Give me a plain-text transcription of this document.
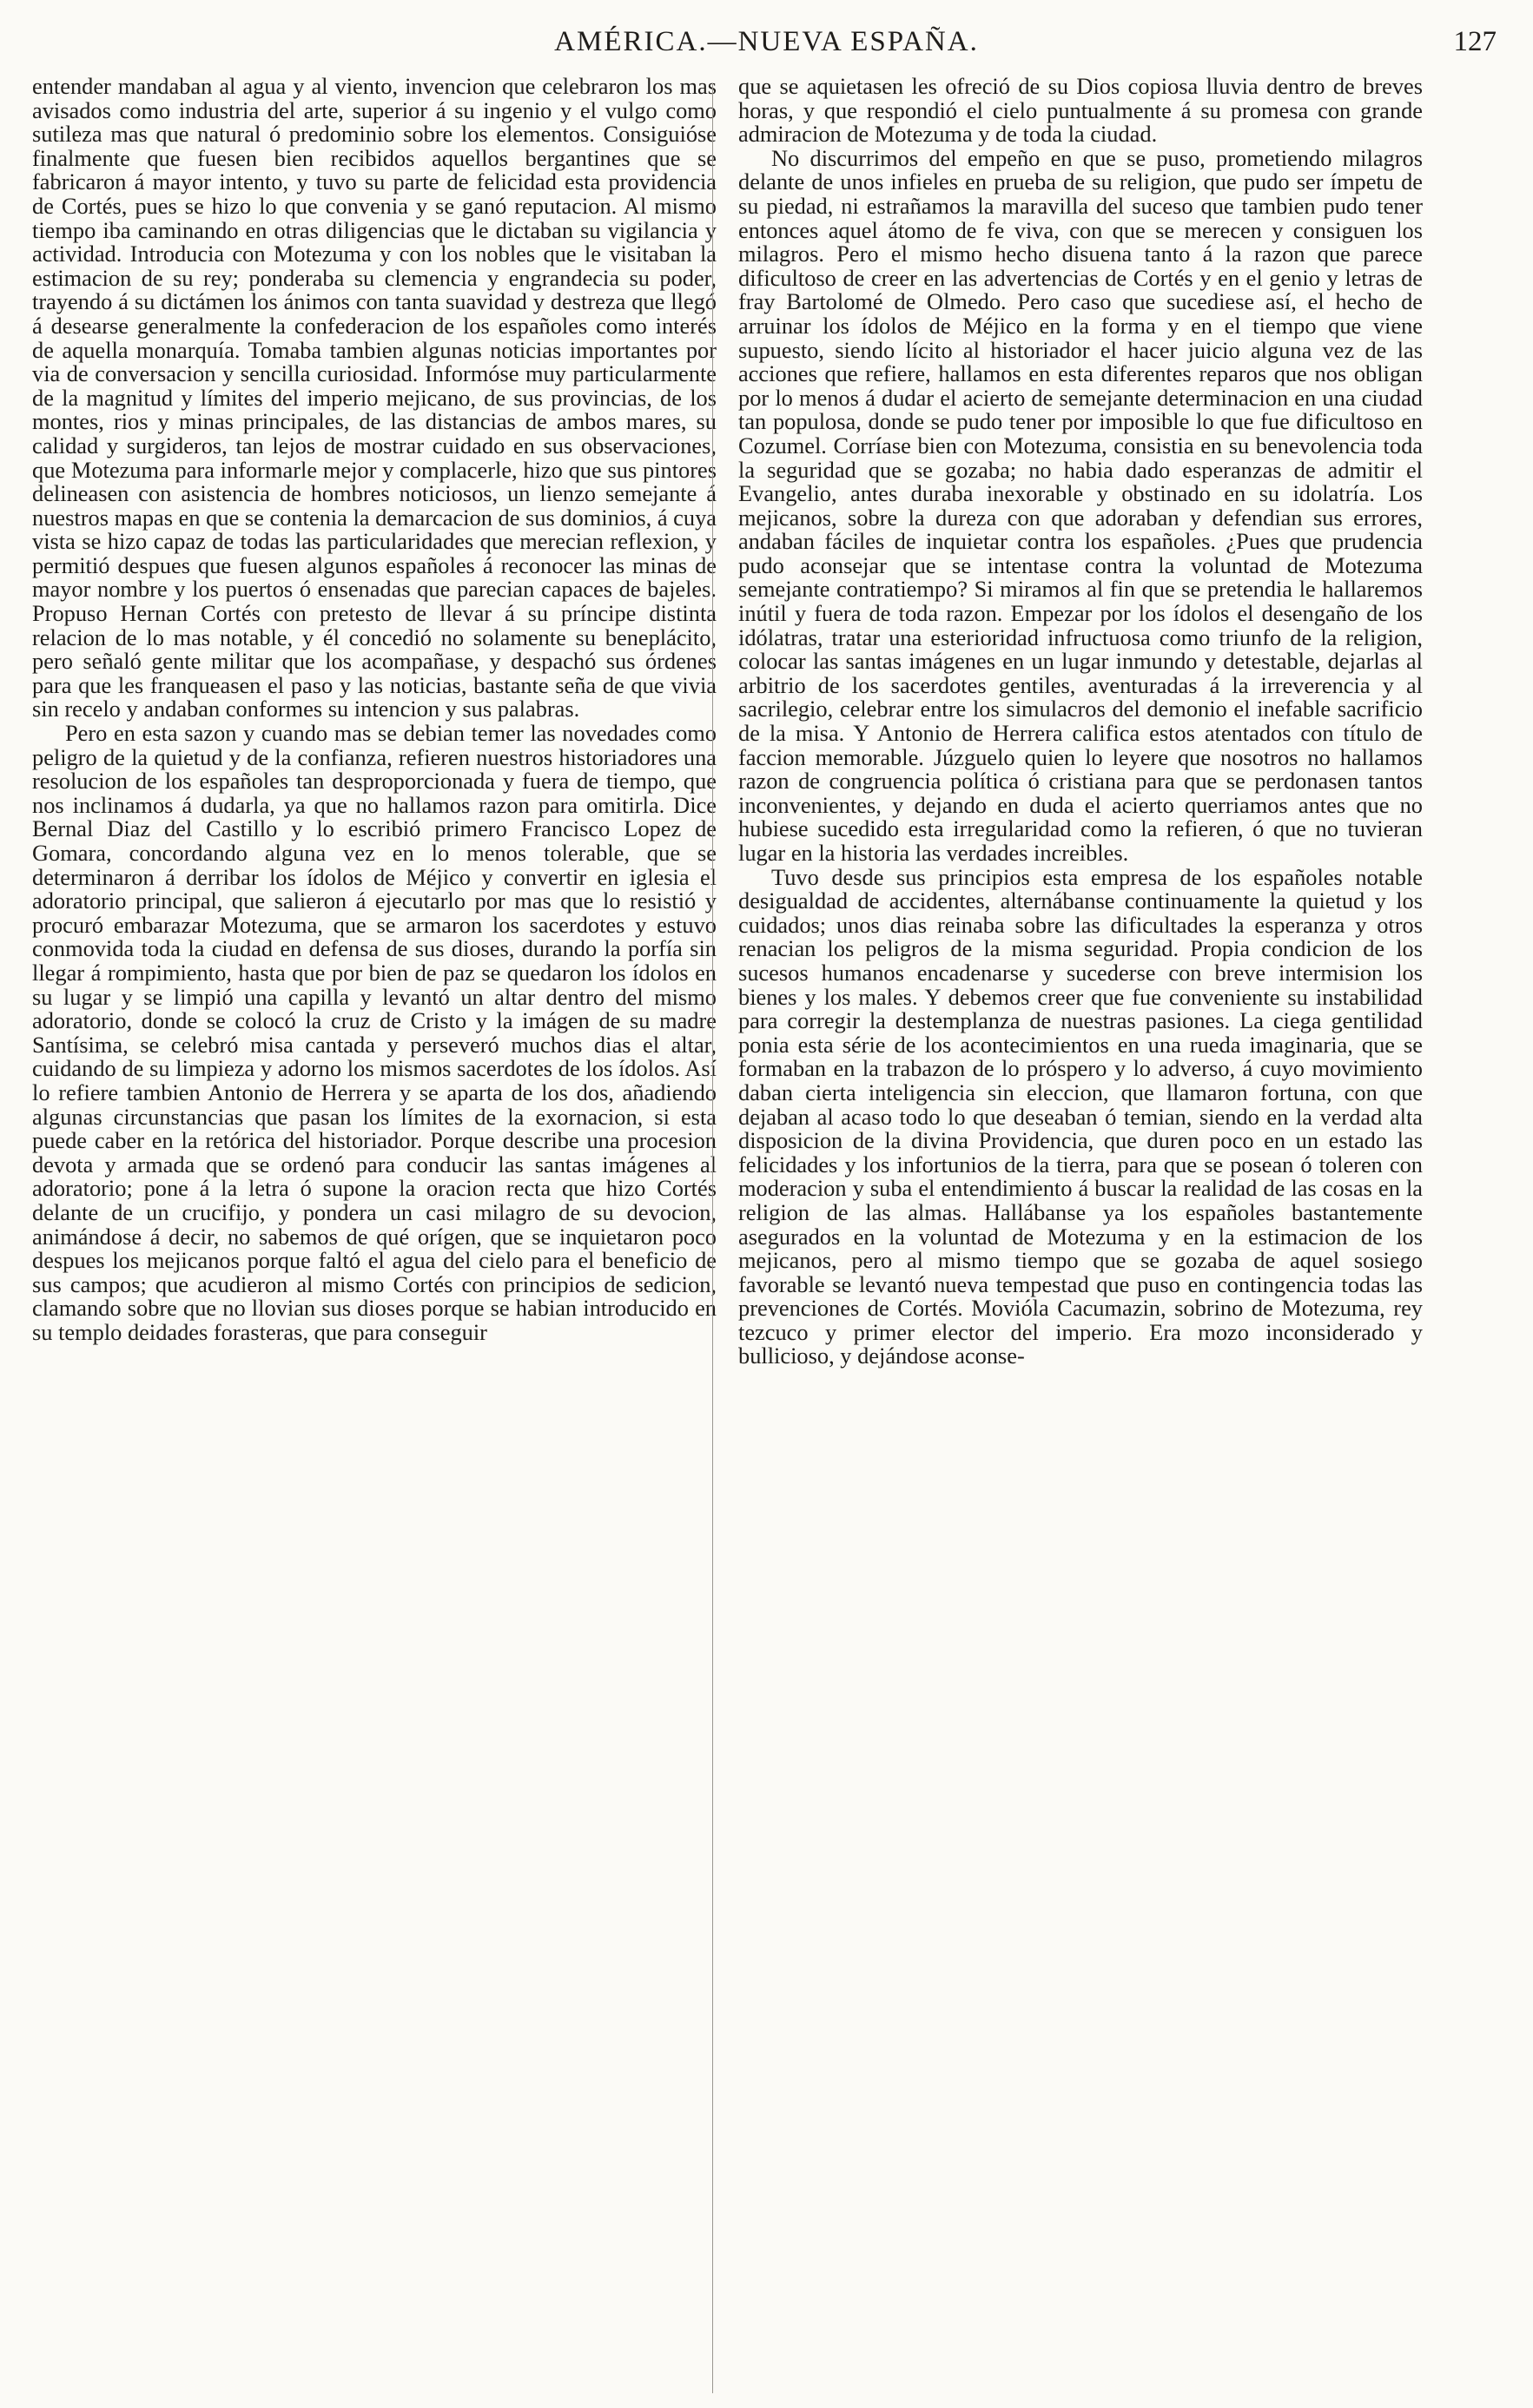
AMÉRICA.—NUEVA ESPAÑA.	127

entender mandaban al agua y al viento, invencion que celebraron los mas avisados como industria del arte, superior á su ingenio y el vulgo como sutileza mas que natural ó predominio sobre los elementos. Consiguióse finalmente que fuesen bien recibidos aquellos bergantines que se fabricaron á mayor intento, y tuvo su parte de felicidad esta providencia de Cortés, pues se hizo lo que convenia y se ganó reputacion. Al mismo tiempo iba caminando en otras diligencias que le dictaban su vigilancia y actividad. Introducia con Motezuma y con los nobles que le visitaban la estimacion de su rey; ponderaba su clemencia y engrandecia su poder, trayendo á su dictámen los ánimos con tanta suavidad y destreza que llegó á desearse generalmente la confederacion de los españoles como interés de aquella monarquía. Tomaba tambien algunas noticias importantes por via de conversacion y sencilla curiosidad. Informóse muy particularmente de la magnitud y límites del imperio mejicano, de sus provincias, de los montes, rios y minas principales, de las distancias de ambos mares, su calidad y surgideros, tan lejos de mostrar cuidado en sus observaciones, que Motezuma para informarle mejor y complacerle, hizo que sus pintores delineasen con asistencia de hombres noticiosos, un lienzo semejante á nuestros mapas en que se contenia la demarcacion de sus dominios, á cuya vista se hizo capaz de todas las particularidades que merecian reflexion, y permitió despues que fuesen algunos españoles á reconocer las minas de mayor nombre y los puertos ó ensenadas que parecian capaces de bajeles. Propuso Hernan Cortés con pretesto de llevar á su príncipe distinta relacion de lo mas notable, y él concedió no solamente su beneplácito, pero señaló gente militar que los acompañase, y despachó sus órdenes para que les franqueasen el paso y las noticias, bastante seña de que vivia sin recelo y andaban conformes su intencion y sus palabras.

Pero en esta sazon y cuando mas se debian temer las novedades como peligro de la quietud y de la confianza, refieren nuestros historiadores una resolucion de los españoles tan desproporcionada y fuera de tiempo, que nos inclinamos á dudarla, ya que no hallamos razon para omitirla. Dice Bernal Diaz del Castillo y lo escribió primero Francisco Lopez de Gomara, concordando alguna vez en lo menos tolerable, que se determinaron á derribar los ídolos de Méjico y convertir en iglesia el adoratorio principal, que salieron á ejecutarlo por mas que lo resistió y procuró embarazar Motezuma, que se armaron los sacerdotes y estuvo conmovida toda la ciudad en defensa de sus dioses, durando la porfía sin llegar á rompimiento, hasta que por bien de paz se quedaron los ídolos en su lugar y se limpió una capilla y levantó un altar dentro del mismo adoratorio, donde se colocó la cruz de Cristo y la imágen de su madre Santísima, se celebró misa cantada y perseveró muchos dias el altar, cuidando de su limpieza y adorno los mismos sacerdotes de los ídolos. Así lo refiere tambien Antonio de Herrera y se aparta de los dos, añadiendo algunas circunstancias que pasan los límites de la exornacion, si esta puede caber en la retórica del historiador. Porque describe una procesion devota y armada que se ordenó para conducir las santas imágenes al adoratorio; pone á la letra ó supone la oracion recta que hizo Cortés delante de un crucifijo, y pondera un casi milagro de su devocion, animándose á decir, no sabemos de qué orígen, que se inquietaron poco despues los mejicanos porque faltó el agua del cielo para el beneficio de sus campos; que acudieron al mismo Cortés con principios de sedicion, clamando sobre que no llovian sus dioses porque se habian introducido en su templo deidades forasteras, que para conseguir

que se aquietasen les ofreció de su Dios copiosa lluvia dentro de breves horas, y que respondió el cielo puntualmente á su promesa con grande admiracion de Motezuma y de toda la ciudad.

No discurrimos del empeño en que se puso, prometiendo milagros delante de unos infieles en prueba de su religion, que pudo ser ímpetu de su piedad, ni estrañamos la maravilla del suceso que tambien pudo tener entonces aquel átomo de fe viva, con que se merecen y consiguen los milagros. Pero el mismo hecho disuena tanto á la razon que parece dificultoso de creer en las advertencias de Cortés y en el genio y letras de fray Bartolomé de Olmedo. Pero caso que sucediese así, el hecho de arruinar los ídolos de Méjico en la forma y en el tiempo que viene supuesto, siendo lícito al historiador el hacer juicio alguna vez de las acciones que refiere, hallamos en esta diferentes reparos que nos obligan por lo menos á dudar el acierto de semejante determinacion en una ciudad tan populosa, donde se pudo tener por imposible lo que fue dificultoso en Cozumel. Corríase bien con Motezuma, consistia en su benevolencia toda la seguridad que se gozaba; no habia dado esperanzas de admitir el Evangelio, antes duraba inexorable y obstinado en su idolatría. Los mejicanos, sobre la dureza con que adoraban y defendian sus errores, andaban fáciles de inquietar contra los españoles. ¿Pues que prudencia pudo aconsejar que se intentase contra la voluntad de Motezuma semejante contratiempo? Si miramos al fin que se pretendia le hallaremos inútil y fuera de toda razon. Empezar por los ídolos el desengaño de los idólatras, tratar una esterioridad infructuosa como triunfo de la religion, colocar las santas imágenes en un lugar inmundo y detestable, dejarlas al arbitrio de los sacerdotes gentiles, aventuradas á la irreverencia y al sacrilegio, celebrar entre los simulacros del demonio el inefable sacrificio de la misa. Y Antonio de Herrera califica estos atentados con título de faccion memorable. Júzguelo quien lo leyere que nosotros no hallamos razon de congruencia política ó cristiana para que se perdonasen tantos inconvenientes, y dejando en duda el acierto querriamos antes que no hubiese sucedido esta irregularidad como la refieren, ó que no tuvieran lugar en la historia las verdades increibles.

Tuvo desde sus principios esta empresa de los españoles notable desigualdad de accidentes, alternábanse continuamente la quietud y los cuidados; unos dias reinaba sobre las dificultades la esperanza y otros renacian los peligros de la misma seguridad. Propia condicion de los sucesos humanos encadenarse y sucederse con breve intermision los bienes y los males. Y debemos creer que fue conveniente su instabilidad para corregir la destemplanza de nuestras pasiones. La ciega gentilidad ponia esta série de los acontecimientos en una rueda imaginaria, que se formaban en la trabazon de lo próspero y lo adverso, á cuyo movimiento daban cierta inteligencia sin eleccion, que llamaron fortuna, con que dejaban al acaso todo lo que deseaban ó temian, siendo en la verdad alta disposicion de la divina Providencia, que duren poco en un estado las felicidades y los infortunios de la tierra, para que se posean ó toleren con moderacion y suba el entendimiento á buscar la realidad de las cosas en la religion de las almas. Hallábanse ya los españoles bastantemente asegurados en la voluntad de Motezuma y en la estimacion de los mejicanos, pero al mismo tiempo que se gozaba de aquel sosiego favorable se levantó nueva tempestad que puso en contingencia todas las prevenciones de Cortés. Movióla Cacumazin, sobrino de Motezuma, rey tezcuco y primer elector del imperio. Era mozo inconsiderado y bullicioso, y dejándose aconse-
